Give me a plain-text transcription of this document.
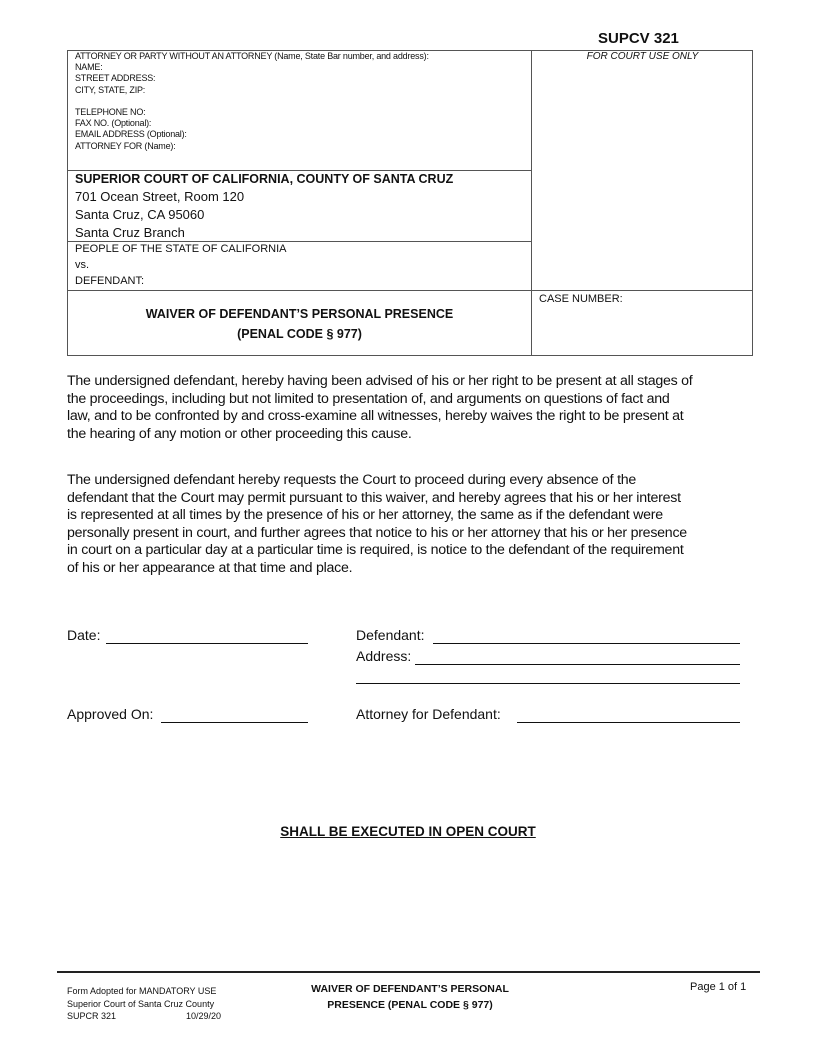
SUPCV 321
ATTORNEY OR PARTY WITHOUT AN ATTORNEY (Name, State Bar number, and address):
NAME:
STREET ADDRESS:
CITY, STATE, ZIP:
TELEPHONE NO:
FAX NO. (Optional):
EMAIL ADDRESS (Optional):
ATTORNEY FOR (Name):
SUPERIOR COURT OF CALIFORNIA, COUNTY OF SANTA CRUZ
701 Ocean Street, Room 120
Santa Cruz, CA 95060
Santa Cruz Branch
PEOPLE OF THE STATE OF CALIFORNIA
vs.
DEFENDANT:
WAIVER OF DEFENDANT’S PERSONAL PRESENCE
(PENAL CODE § 977)
FOR COURT USE ONLY
CASE NUMBER:
The undersigned defendant, hereby having been advised of his or her right to be present at all stages of
the proceedings, including but not limited to presentation of, and arguments on questions of fact and
law, and to be confronted by and cross-examine all witnesses, hereby waives the right to be present at
the hearing of any motion or other proceeding this cause.
The undersigned defendant hereby requests the Court to proceed during every absence of the
defendant that the Court may permit pursuant to this waiver, and hereby agrees that his or her interest
is represented at all times by the presence of his or her attorney, the same as if the defendant were
personally present in court, and further agrees that notice to his or her attorney that his or her presence
in court on a particular day at a particular time is required, is notice to the defendant of the requirement
of his or her appearance at that time and place.
Date:	Defendant:
Address:
Approved On:	Attorney for Defendant:
SHALL BE EXECUTED IN OPEN COURT
Form Adopted for MANDATORY USE
Superior Court of Santa Cruz County
SUPCR 321	10/29/20
WAIVER OF DEFENDANT’S PERSONAL
PRESENCE (PENAL CODE § 977)
Page 1 of 1
